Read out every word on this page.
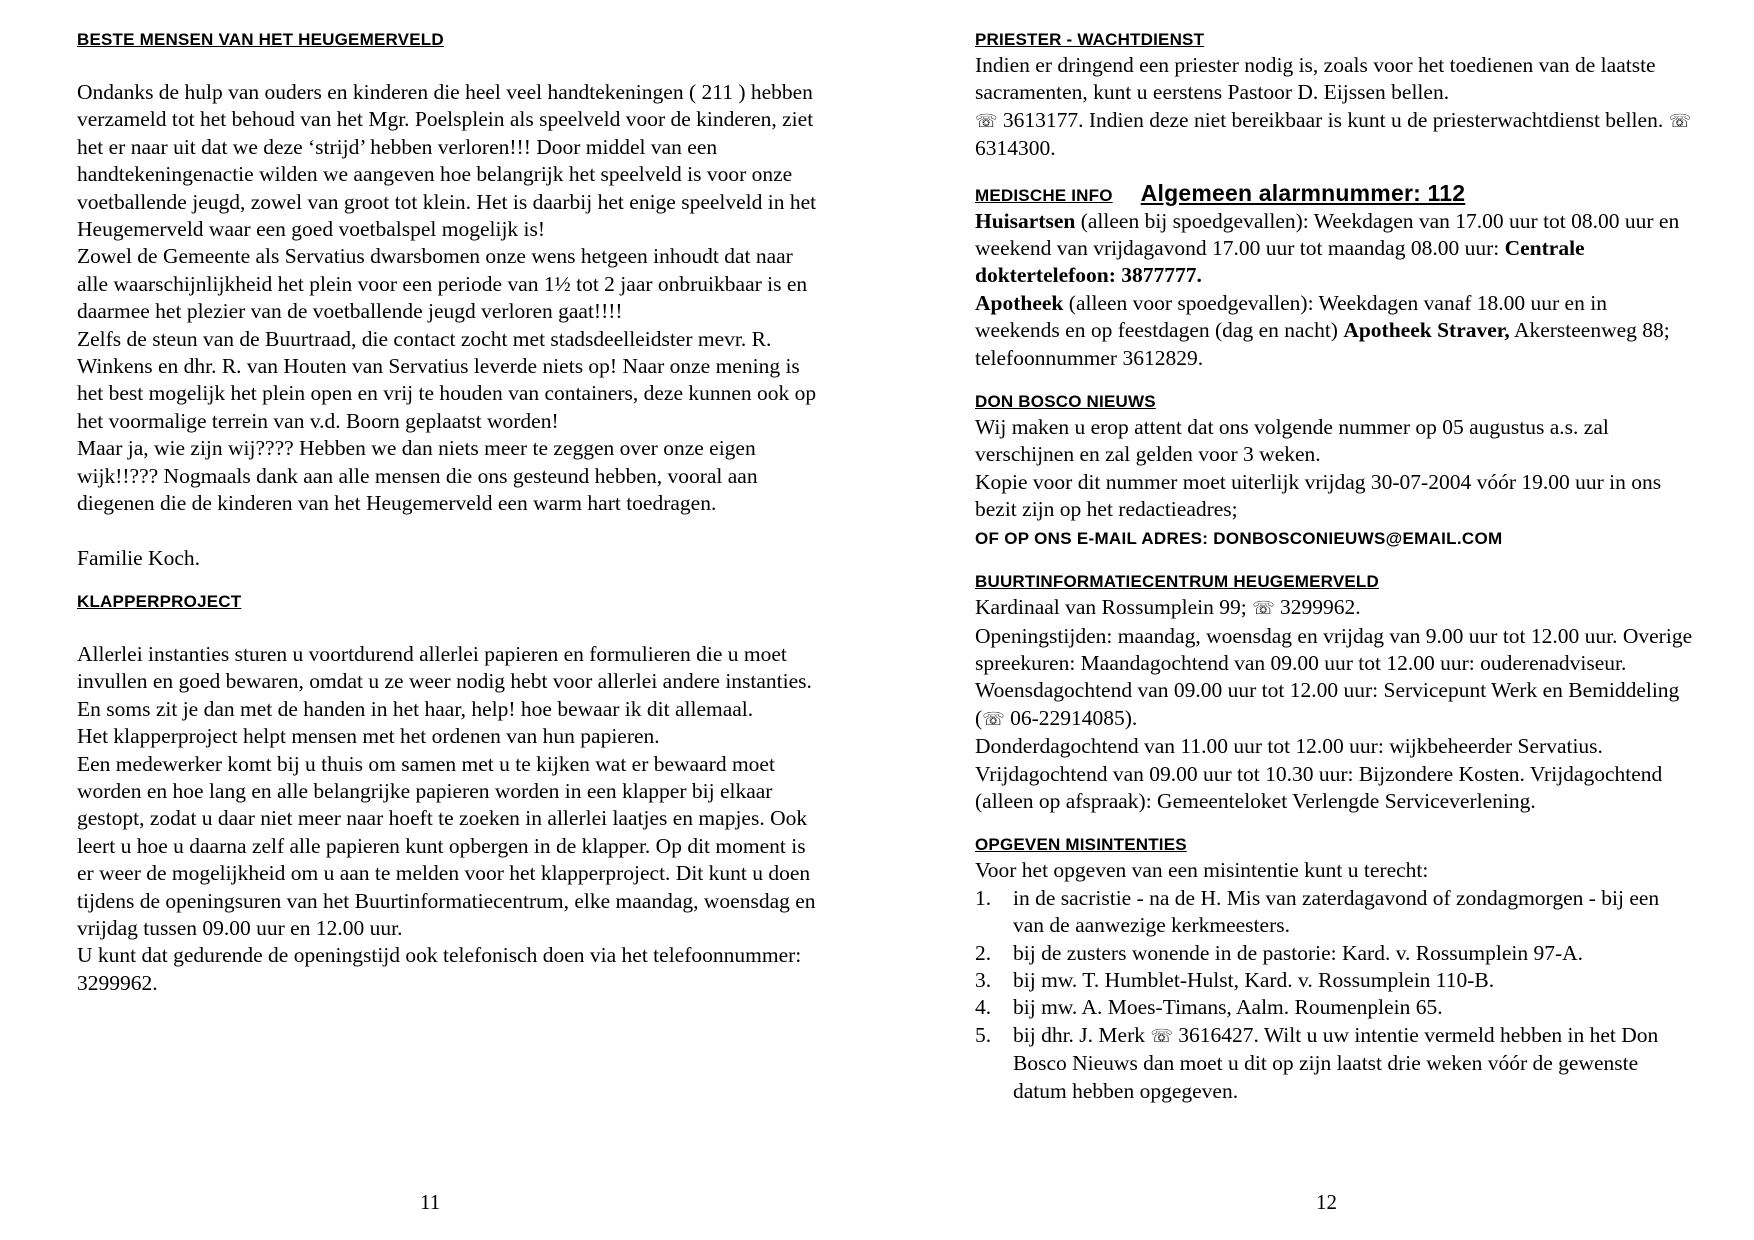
BESTE MENSEN VAN HET HEUGEMERVELD

Ondanks de hulp van ouders en kinderen die heel veel handtekeningen ( 211 ) hebben verzameld tot het behoud van het Mgr. Poelsplein als speelveld voor de kinderen, ziet het er naar uit dat we deze ‘strijd’ hebben verloren!!! Door middel van een handtekeningenactie wilden we aangeven hoe belangrijk het speelveld is voor onze voetballende jeugd, zowel van groot tot klein. Het is daarbij het enige speelveld in het Heugemerveld waar een goed voetbalspel mogelijk is!

Zowel de Gemeente als Servatius dwarsbomen onze wens hetgeen inhoudt dat naar alle waarschijnlijkheid het plein voor een periode van 1½ tot 2 jaar onbruikbaar is en daarmee het plezier van de voetballende jeugd verloren gaat!!!!

Zelfs de steun van de Buurtraad, die contact zocht met stadsdeelleidster mevr. R. Winkens en dhr. R. van Houten van Servatius leverde niets op! Naar onze mening is het best mogelijk het plein open en vrij te houden van containers, deze kunnen ook op het voormalige terrein van v.d. Boorn geplaatst worden!

Maar ja, wie zijn wij???? Hebben we dan niets meer te zeggen over onze eigen wijk!!??? Nogmaals dank aan alle mensen die ons gesteund hebben, vooral aan diegenen die de kinderen van het Heugemerveld een warm hart toedragen.

Familie Koch.

KLAPPERPROJECT

Allerlei instanties sturen u voortdurend allerlei papieren en formulieren die u moet invullen en goed bewaren, omdat u ze weer nodig hebt voor allerlei andere instanties. En soms zit je dan met de handen in het haar, help! hoe bewaar ik dit allemaal.

Het klapperproject helpt mensen met het ordenen van hun papieren.

Een medewerker komt bij u thuis om samen met u te kijken wat er bewaard moet worden en hoe lang en alle belangrijke papieren worden in een klapper bij elkaar gestopt, zodat u daar niet meer naar hoeft te zoeken in allerlei laatjes en mapjes. Ook leert u hoe u daarna zelf alle papieren kunt opbergen in de klapper. Op dit moment is er weer de mogelijkheid om u aan te melden voor het klapperproject. Dit kunt u doen tijdens de openingsuren van het Buurtinformatiecentrum, elke maandag, woensdag en vrijdag tussen 09.00 uur en 12.00 uur.

U kunt dat gedurende de openingstijd ook telefonisch doen via het telefoonnummer: 3299962.

11

PRIESTER - WACHTDIENST

Indien er dringend een priester nodig is, zoals voor het toedienen van de laatste sacramenten, kunt u eerstens Pastoor D. Eijssen bellen.
☏ 3613177. Indien deze niet bereikbaar is kunt u de priesterwachtdienst bellen. ☏ 6314300.

MEDISCHE INFO Algemeen alarmnummer: 112

Huisartsen (alleen bij spoedgevallen): Weekdagen van 17.00 uur tot 08.00 uur en weekend van vrijdagavond 17.00 uur tot maandag 08.00 uur: Centrale doktertelefoon: 3877777.

Apotheek (alleen voor spoedgevallen): Weekdagen vanaf 18.00 uur en in weekends en op feestdagen (dag en nacht) Apotheek Straver, Akersteenweg 88; telefoonnummer 3612829.

DON BOSCO NIEUWS

Wij maken u erop attent dat ons volgende nummer op 05 augustus a.s. zal verschijnen en zal gelden voor 3 weken.

Kopie voor dit nummer moet uiterlijk vrijdag 30-07-2004 vóór 19.00 uur in ons bezit zijn op het redactieadres;

OF OP ONS E-MAIL ADRES: DONBOSCONIEUWS@EMAIL.COM

BUURTINFORMATIECENTRUM HEUGEMERVELD

Kardinaal van Rossumplein 99; ☏ 3299962.

Openingstijden: maandag, woensdag en vrijdag van 9.00 uur tot 12.00 uur. Overige spreekuren: Maandagochtend van 09.00 uur tot 12.00 uur: ouderenadviseur. Woensdagochtend van 09.00 uur tot 12.00 uur: Servicepunt Werk en Bemiddeling (☏ 06-22914085).

Donderdagochtend van 11.00 uur tot 12.00 uur: wijkbeheerder Servatius. Vrijdagochtend van 09.00 uur tot 10.30 uur: Bijzondere Kosten. Vrijdagochtend (alleen op afspraak): Gemeenteloket Verlengde Serviceverlening.

OPGEVEN MISINTENTIES

Voor het opgeven van een misintentie kunt u terecht:

1.	in de sacristie - na de H. Mis van zaterdagavond of zondagmorgen - bij een van de aanwezige kerkmeesters.
2.	bij de zusters wonende in de pastorie: Kard. v. Rossumplein 97-A.
3.	bij mw. T. Humblet-Hulst, Kard. v. Rossumplein 110-B.
4.	bij mw. A. Moes-Timans, Aalm. Roumenplein 65.
5.	bij dhr. J. Merk ☏ 3616427. Wilt u uw intentie vermeld hebben in het Don Bosco Nieuws dan moet u dit op zijn laatst drie weken vóór de gewenste datum hebben opgegeven.
12
